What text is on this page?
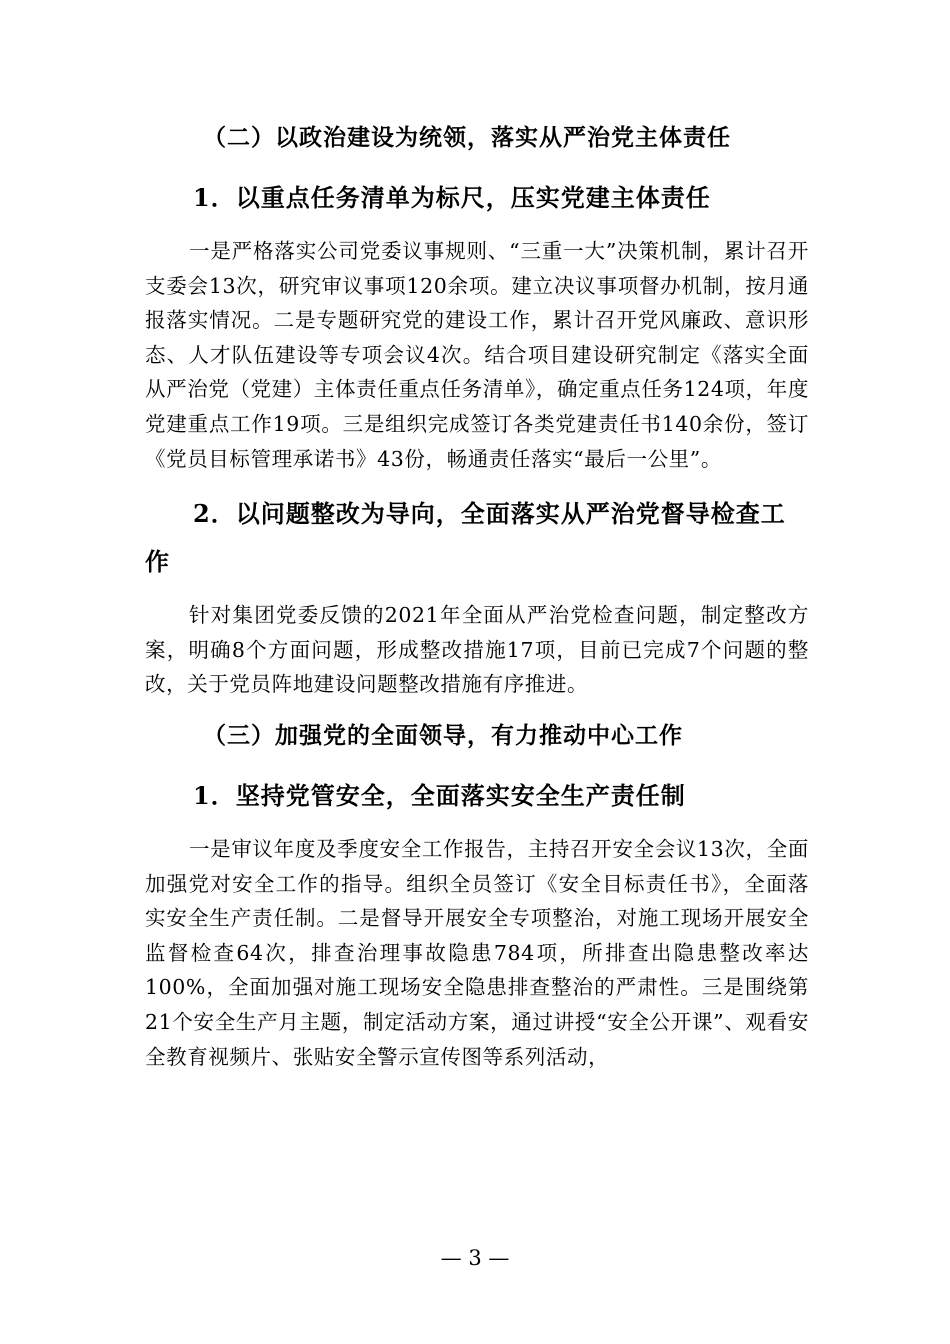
（二）以政治建设为统领，落实从严治党主体责任
1．以重点任务清单为标尺，压实党建主体责任

一是严格落实公司党委议事规则、“三重一大”决策机制，累计召开支委会13次，研究审议事项120余项。建立决议事项督办机制，按月通报落实情况。二是专题研究党的建设工作，累计召开党风廉政、意识形态、人才队伍建设等专项会议4次。结合项目建设研究制定《落实全面从严治党（党建）主体责任重点任务清单》，确定重点任务124项，年度党建重点工作19项。三是组织完成签订各类党建责任书140余份，签订《党员目标管理承诺书》43份，畅通责任落实“最后一公里”。

2．以问题整改为导向，全面落实从严治党督导检查工作

针对集团党委反馈的2021年全面从严治党检查问题，制定整改方案，明确8个方面问题，形成整改措施17项，目前已完成7个问题的整改，关于党员阵地建设问题整改措施有序推进。

（三）加强党的全面领导，有力推动中心工作
1．坚持党管安全，全面落实安全生产责任制

一是审议年度及季度安全工作报告，主持召开安全会议13次，全面加强党对安全工作的指导。组织全员签订《安全目标责任书》，全面落实安全生产责任制。二是督导开展安全专项整治，对施工现场开展安全监督检查64次，排查治理事故隐患784项，所排查出隐患整改率达100%，全面加强对施工现场安全隐患排查整治的严肃性。三是围绕第21个安全生产月主题，制定活动方案，通过讲授“安全公开课”、观看安全教育视频片、张贴安全警示宣传图等系列活动，

— 3 —
